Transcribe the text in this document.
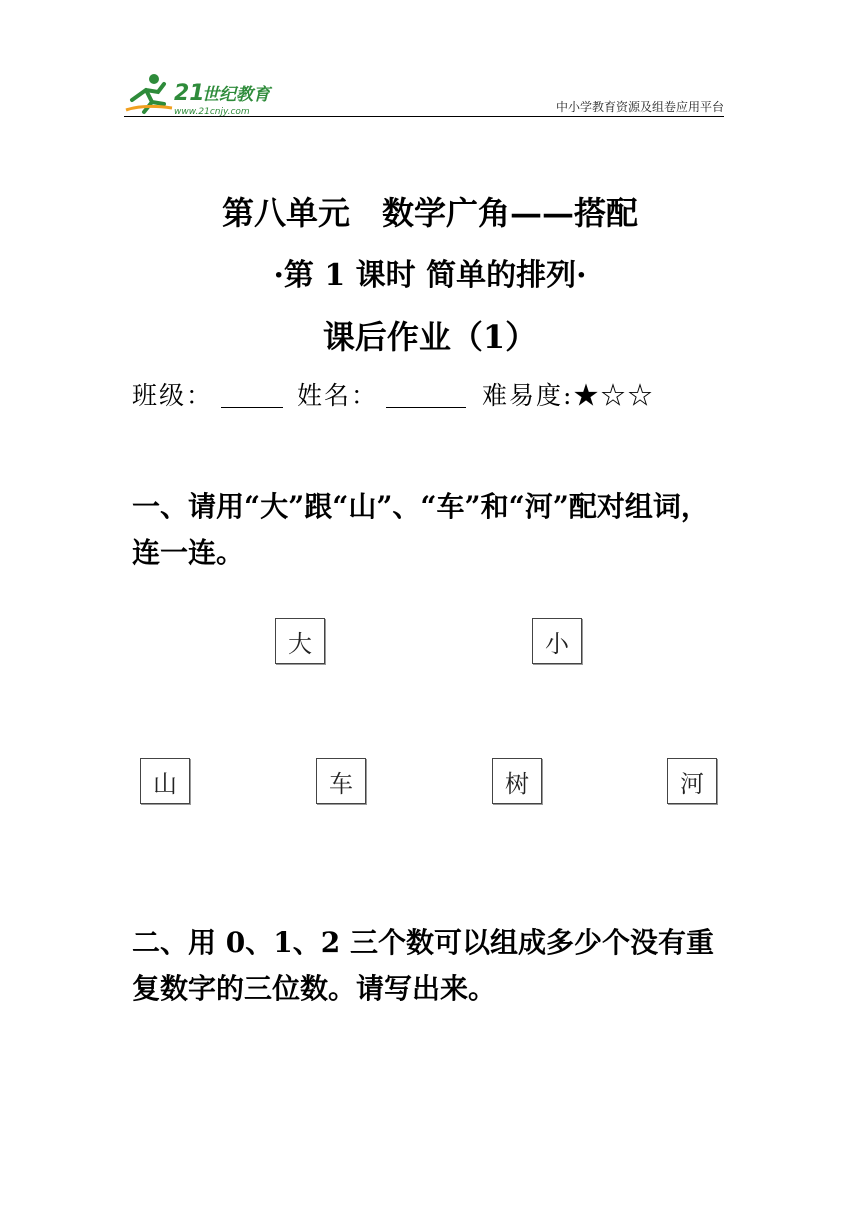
21
世纪教育
www.21cnjy.com	中小学教育资源及组卷应用平台
第八单元　数学广角——搭配
·第 1 课时 简单的排列·
课后作业（1）
班级：	姓名：	难易度:★☆☆
一、请用“大”跟“山”、“车”和“河”配对组词，连一连。
大	小
山	车	树	河
二、用 0、1、2 三个数可以组成多少个没有重复数字的三位数。请写出来。
